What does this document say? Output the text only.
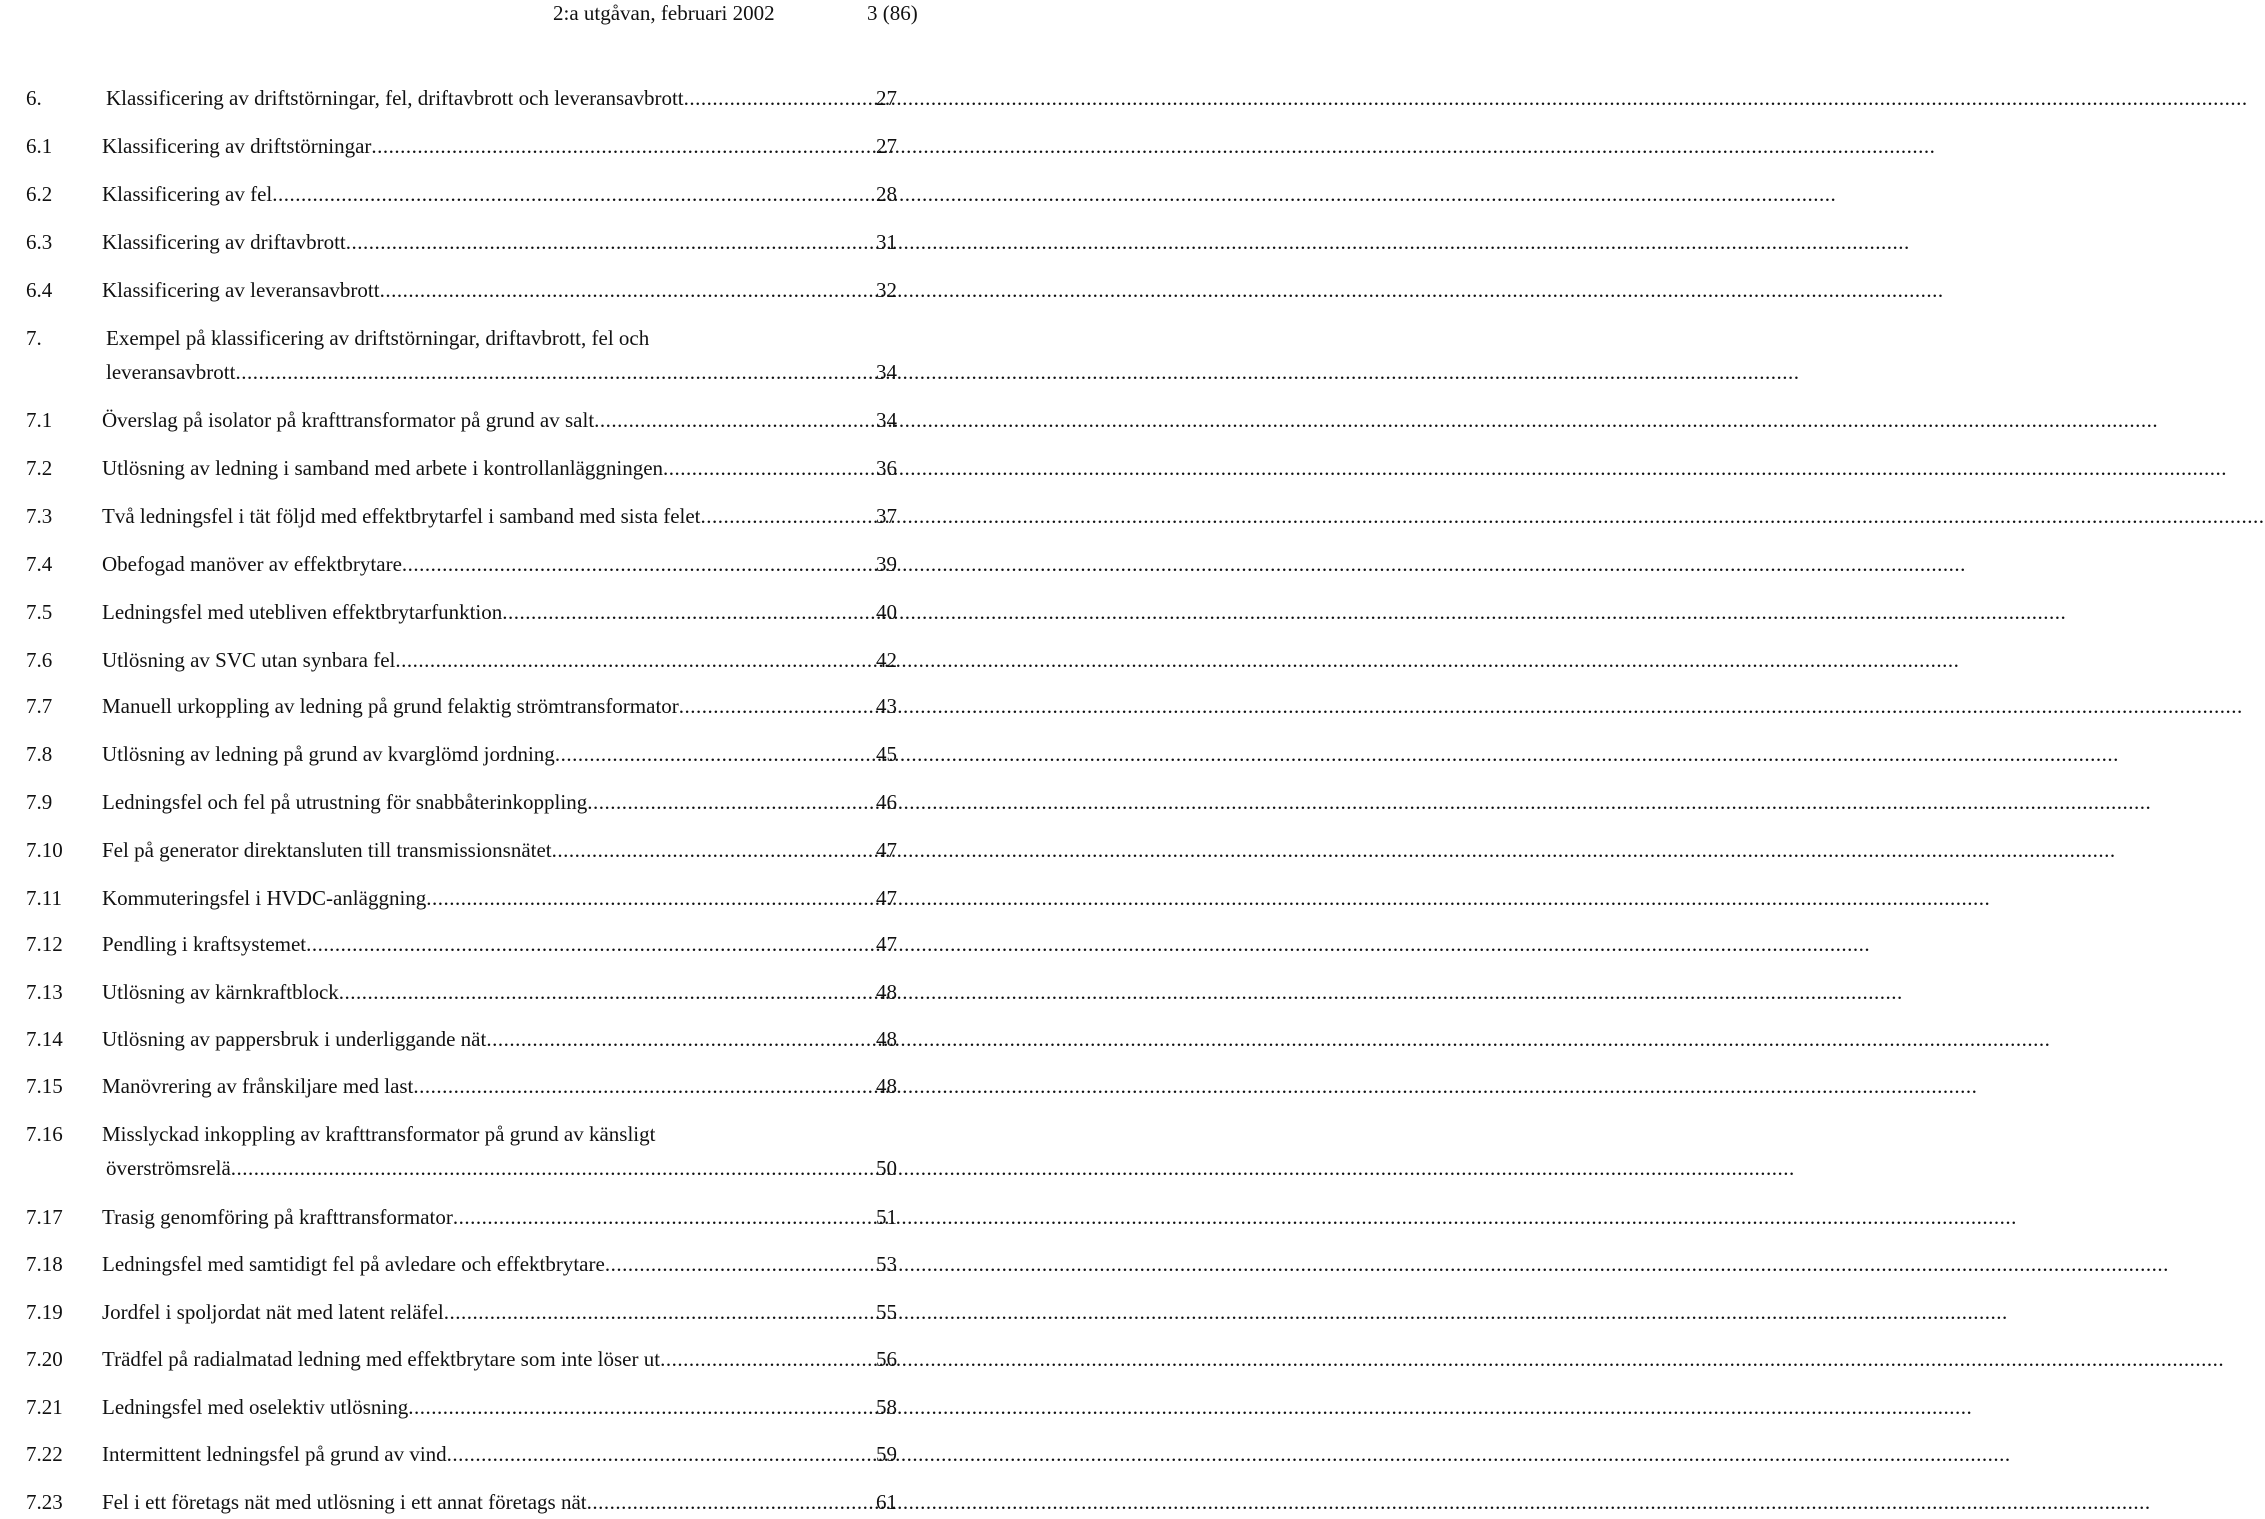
2:a utgåvan, februari 2002	3 (86)
6.	Klassificering av driftstörningar, fel, driftavbrott och leveransavbrott .....	27
6.1 Klassificering av driftstörningar .....	27
6.2 Klassificering av fel .....	28
6.3 Klassificering av driftavbrott .....	31
6.4 Klassificering av leveransavbrott .....	32
7.	Exempel på klassificering av driftstörningar, driftavbrott, fel och
leveransavbrott .....	34
7.1 Överslag på isolator på krafttransformator på grund av salt .....	34
7.2 Utlösning av ledning i samband med arbete i kontrollanläggningen .....	36
7.3 Två ledningsfel i tät följd med effektbrytarfel i samband med sista felet .....	37
7.4 Obefogad manöver av effektbrytare .....	39
7.5 Ledningsfel med utebliven effektbrytarfunktion .....	40
7.6 Utlösning av SVC utan synbara fel .....	42
7.7 Manuell urkoppling av ledning på grund felaktig strömtransformator .....	43
7.8 Utlösning av ledning på grund av kvarglömd jordning .....	45
7.9 Ledningsfel och fel på utrustning för snabbåterinkoppling .....	46
7.10 Fel på generator direktansluten till transmissionsnätet .....	47
7.11 Kommuteringsfel i HVDC-anläggning .....	47
7.12 Pendling i kraftsystemet .....	47
7.13 Utlösning av kärnkraftblock .....	48
7.14 Utlösning av pappersbruk i underliggande nät .....	48
7.15 Manövrering av frånskiljare med last .....	48
7.16 Misslyckad inkoppling av krafttransformator på grund av känsligt
överströmsrelä .....	50
7.17 Trasig genomföring på krafttransformator .....	51
7.18 Ledningsfel med samtidigt fel på avledare och effektbrytare .....	53
7.19 Jordfel i spoljordat nät med latent reläfel .....	55
7.20 Trädfel på radialmatad ledning med effektbrytare som inte löser ut .....	56
7.21 Ledningsfel med oselektiv utlösning .....	58
7.22 Intermittent ledningsfel på grund av vind .....	59
7.23 Fel i ett företags nät med utlösning i ett annat företags nät .....	61
